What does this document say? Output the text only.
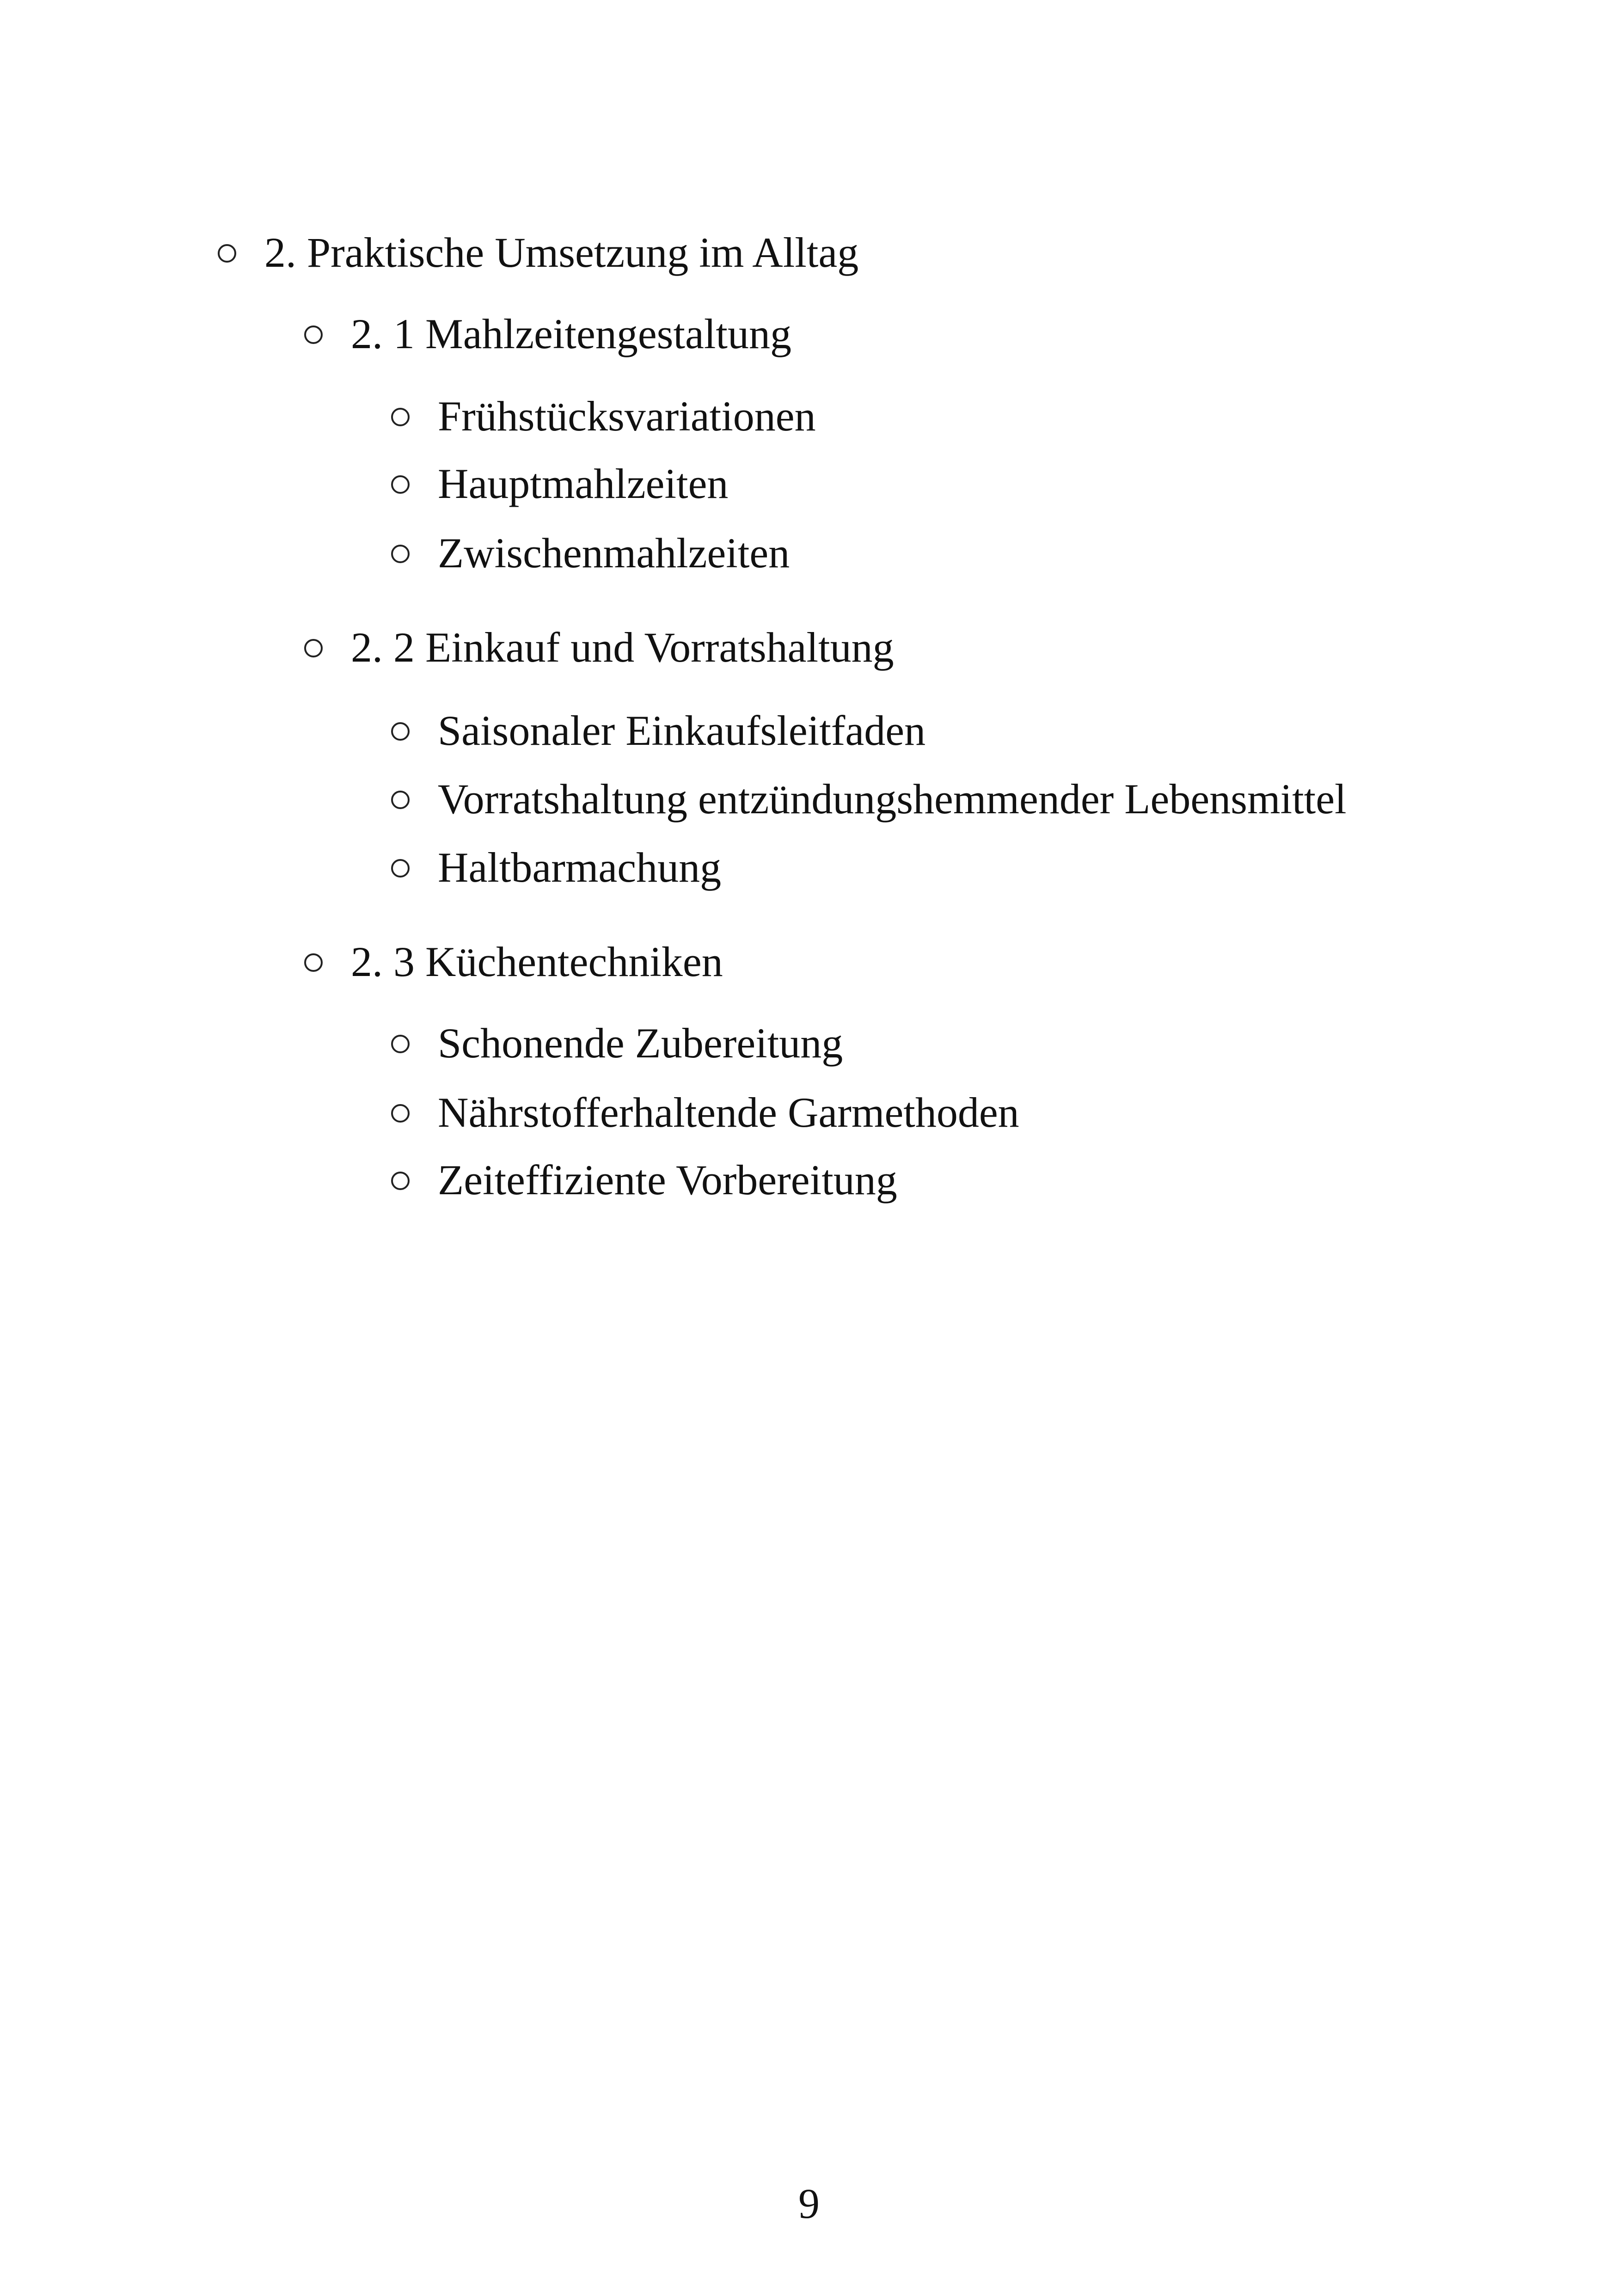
2. Praktische Umsetzung im Alltag
2. 1 Mahlzeitengestaltung
Frühstücksvariationen
Hauptmahlzeiten
Zwischenmahlzeiten
2. 2 Einkauf und Vorratshaltung
Saisonaler Einkaufsleitfaden
Vorratshaltung entzündungshemmender Lebensmittel
Haltbarmachung
2. 3 Küchentechniken
Schonende Zubereitung
Nährstofferhaltende Garmethoden
Zeiteffiziente Vorbereitung
9
